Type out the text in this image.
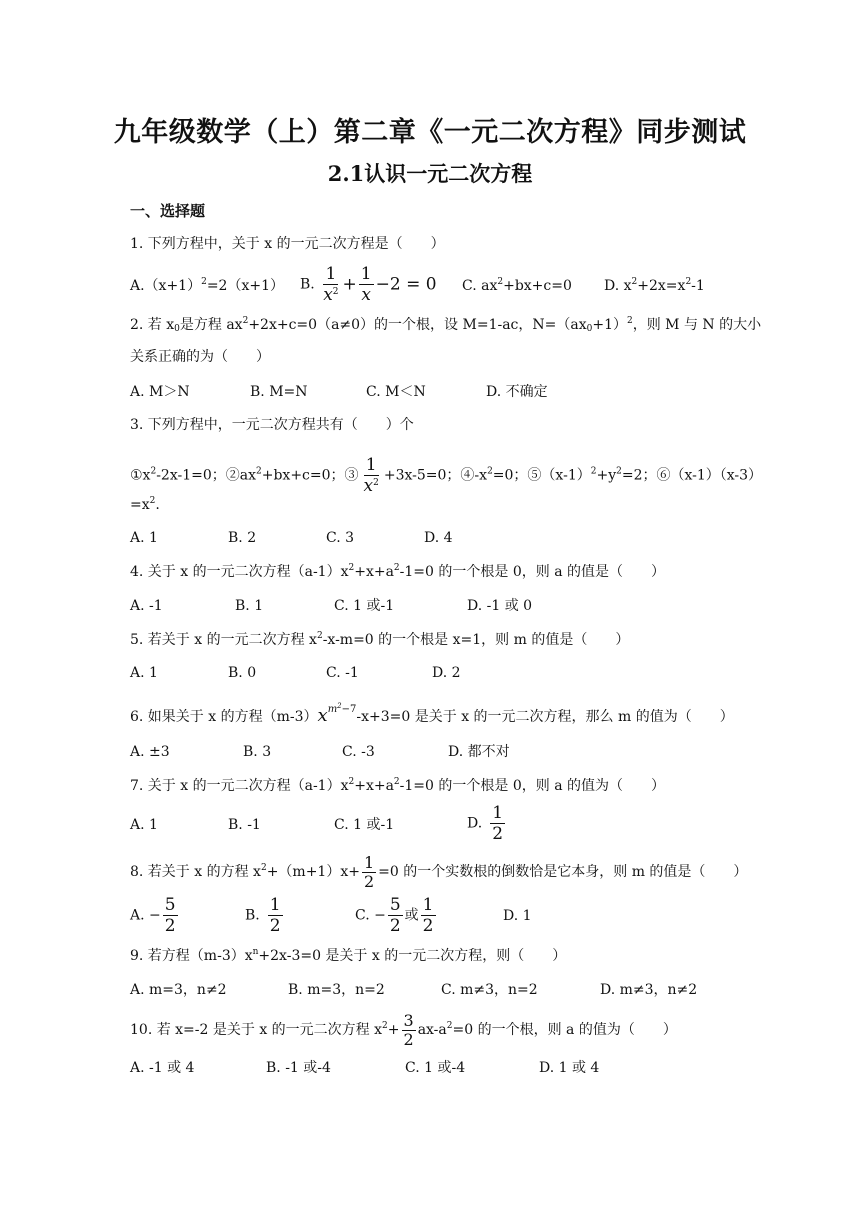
九年级数学（上）第二章《一元二次方程》同步测试
2.1认识一元二次方程
一、选择题
1. 下列方程中，关于 x 的一元二次方程是（　　）
$A.(x+1)^2=2(x+1)$ B. $\frac{1}{x^2} + \frac{1}{x} -2 = 0$ C. $ax^2+bx+c=0$ D. $x^2+2x=x^2-1$
2. 若 $x_0$是方程 $ax^2+2x+c=0(a\ne 0)$的一个根，设 M=1-ac，$N=(ax_0+1)^2$，则 M 与 N 的大小
关系正确的为（　　）
A. M＞N	B. M=N	C. M＜N	D. 不确定
3. 下列方程中，一元二次方程共有（　　）个
$①x^2-2x-1=0$；$②ax^2+bx+c=0$；③ $\frac{1}{x^2} +3x-5=0$；$④-x^2=0$；$⑤(x-1)^2+y^2=2$；⑥（x-1）（x-3）
$=x^2$.
A. 1	B. 2	C. 3	D. 4
4. 关于 x 的一元二次方程$(a-1)x^2+x+a^2-1=0$ 的一个根是 0，则 a 的值是（　　）
A. -1	B. 1	C. 1 或-1	D. -1 或 0
5. 若关于 x 的一元二次方程 $x^2-x-m=0$ 的一个根是 x=1，则 m 的值是（　　）
A. 1	B. 0	C. -1	D. 2
6. 如果关于 x 的方程$(m-3)x^{m^2-7}-x+3=0$ 是关于 x 的一元二次方程，那么 m 的值为（　　）
A. ±3	B. 3	C. -3	D. 都不对
7. 关于 x 的一元二次方程$(a-1)x^2+x+a^2-1=0$ 的一个根是 0，则 a 的值为（　　）
A. 1	B. -1	C. 1 或-1	D. $\frac{1}{2}$
8. 若关于 x 的方程 $x^2+(m+1)x+ \frac{1}{2} =0$ 的一个实数根的倒数恰是它本身，则 m 的值是（　　）
A. − $\frac{5}{2}$	B. $\frac{1}{2}$	C. − $\frac{5}{2}$ 或 $\frac{1}{2}$	D. 1
9. 若方程$(m-3)x^n+2x-3=0$ 是关于 x 的一元二次方程，则（　　）
A. m=3，n≠2	B. m=3，n=2	C. m≠3，n=2	D. m≠3，n≠2
10. 若 x=-2 是关于 x 的一元二次方程 $x^2+ \frac{3}{2} ax-a^2=0$ 的一个根，则 a 的值为（　　）
A. -1 或 4	B. -1 或-4	C. 1 或-4	D. 1 或 4
